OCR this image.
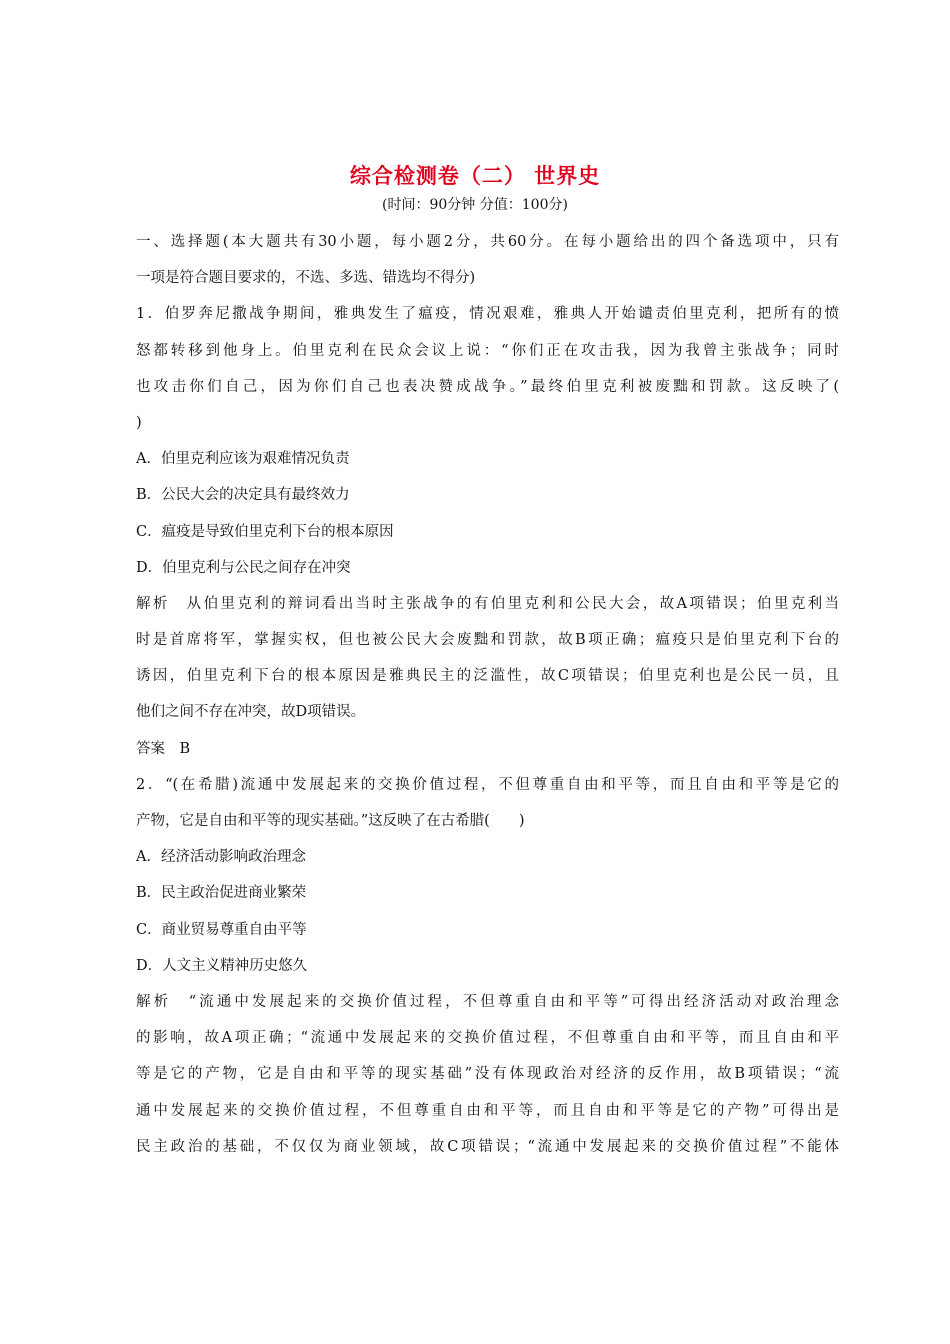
综合检测卷（二） 世界史
(时间：90分钟 分值：100分)
一、选择题(本大题共有30小题，每小题2分，共60分。在每小题给出的四个备选项中，只有
一项是符合题目要求的，不选、多选、错选均不得分)
1．伯罗奔尼撒战争期间，雅典发生了瘟疫，情况艰难，雅典人开始谴责伯里克利，把所有的愤
怒都转移到他身上。伯里克利在民众会议上说：“你们正在攻击我，因为我曾主张战争；同时
也攻击你们自己，因为你们自己也表决赞成战争。”最终伯里克利被废黜和罚款。这反映了(
)
A．伯里克利应该为艰难情况负责
B．公民大会的决定具有最终效力
C．瘟疫是导致伯里克利下台的根本原因
D．伯里克利与公民之间存在冲突
解析　从伯里克利的辩词看出当时主张战争的有伯里克利和公民大会，故A项错误；伯里克利当
时是首席将军，掌握实权，但也被公民大会废黜和罚款，故B项正确；瘟疫只是伯里克利下台的
诱因，伯里克利下台的根本原因是雅典民主的泛滥性，故C项错误；伯里克利也是公民一员，且
他们之间不存在冲突，故D项错误。
答案　B
2．“(在希腊)流通中发展起来的交换价值过程，不但尊重自由和平等，而且自由和平等是它的
产物，它是自由和平等的现实基础。”这反映了在古希腊(　　)
A．经济活动影响政治理念
B．民主政治促进商业繁荣
C．商业贸易尊重自由平等
D．人文主义精神历史悠久
解析　“流通中发展起来的交换价值过程，不但尊重自由和平等”可得出经济活动对政治理念
的影响，故A项正确；“流通中发展起来的交换价值过程，不但尊重自由和平等，而且自由和平
等是它的产物，它是自由和平等的现实基础”没有体现政治对经济的反作用，故B项错误；“流
通中发展起来的交换价值过程，不但尊重自由和平等，而且自由和平等是它的产物”可得出是
民主政治的基础，不仅仅为商业领域，故C项错误；“流通中发展起来的交换价值过程”不能体
